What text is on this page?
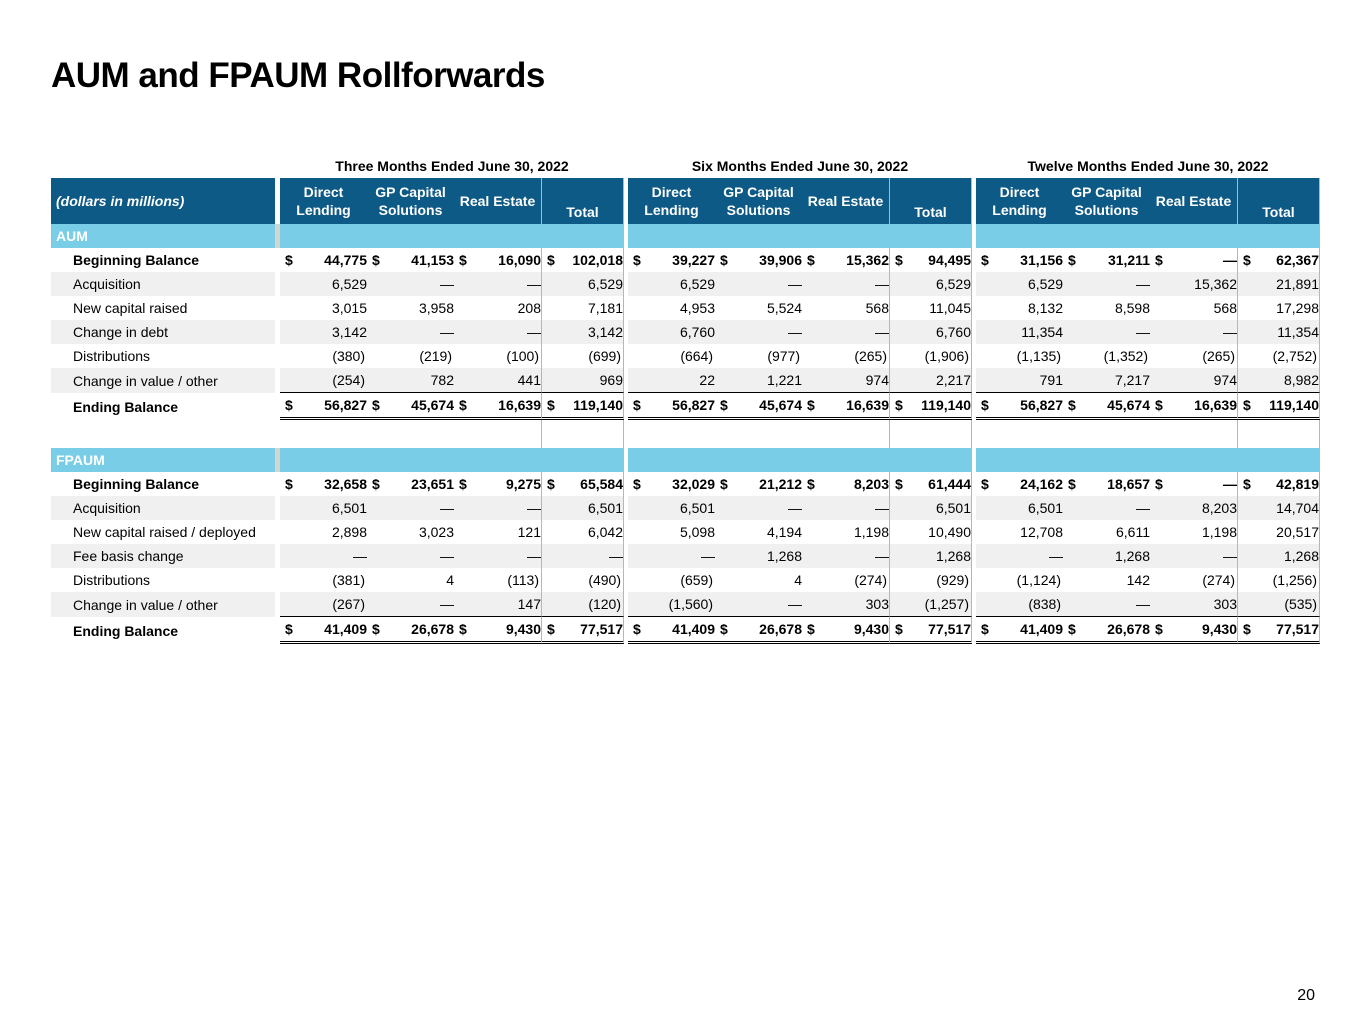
AUM and FPAUM Rollforwards
		Three Months Ended June 30, 2022					Six Months Ended June 30, 2022					Twelve Months Ended June 30, 2022			
(dollars in millions)		Direct Lending	GP Capital Solutions	Real Estate	Total		Direct Lending	GP Capital Solutions	Real Estate	Total		Direct Lending	GP Capital Solutions	Real Estate	Total
AUM															
Beginning Balance		$ 44,775	$ 41,153	$ 16,090	$ 102,018		$ 39,227	$ 39,906	$ 15,362	$ 94,495		$ 31,156	$ 31,211	$ —	$ 62,367
Acquisition		6,529	—	—	6,529		6,529	—	—	6,529		6,529	—	15,362	21,891
New capital raised		3,015	3,958	208	7,181		4,953	5,524	568	11,045		8,132	8,598	568	17,298
Change in debt		3,142	—	—	3,142		6,760	—	—	6,760		11,354	—	—	11,354
Distributions		(380)	(219)	(100)	(699)		(664)	(977)	(265)	(1,906)		(1,135)	(1,352)	(265)	(2,752)
Change in value / other		(254)	782	441	969		22	1,221	974	2,217		791	7,217	974	8,982
Ending Balance		$ 56,827	$ 45,674	$ 16,639	$ 119,140		$ 56,827	$ 45,674	$ 16,639	$ 119,140		$ 56,827	$ 45,674	$ 16,639	$ 119,140

FPAUM															
Beginning Balance		$ 32,658	$ 23,651	$ 9,275	$ 65,584		$ 32,029	$ 21,212	$ 8,203	$ 61,444		$ 24,162	$ 18,657	$ —	$ 42,819
Acquisition		6,501	—	—	6,501		6,501	—	—	6,501		6,501	—	8,203	14,704
New capital raised / deployed		2,898	3,023	121	6,042		5,098	4,194	1,198	10,490		12,708	6,611	1,198	20,517
Fee basis change		—	—	—	—		—	1,268	—	1,268		—	1,268	—	1,268
Distributions		(381)	4	(113)	(490)		(659)	4	(274)	(929)		(1,124)	142	(274)	(1,256)
Change in value / other		(267)	—	147	(120)		(1,560)	—	303	(1,257)		(838)	—	303	(535)
Ending Balance		$ 41,409	$ 26,678	$ 9,430	$ 77,517		$ 41,409	$ 26,678	$ 9,430	$ 77,517		$ 41,409	$ 26,678	$ 9,430	$ 77,517
20
